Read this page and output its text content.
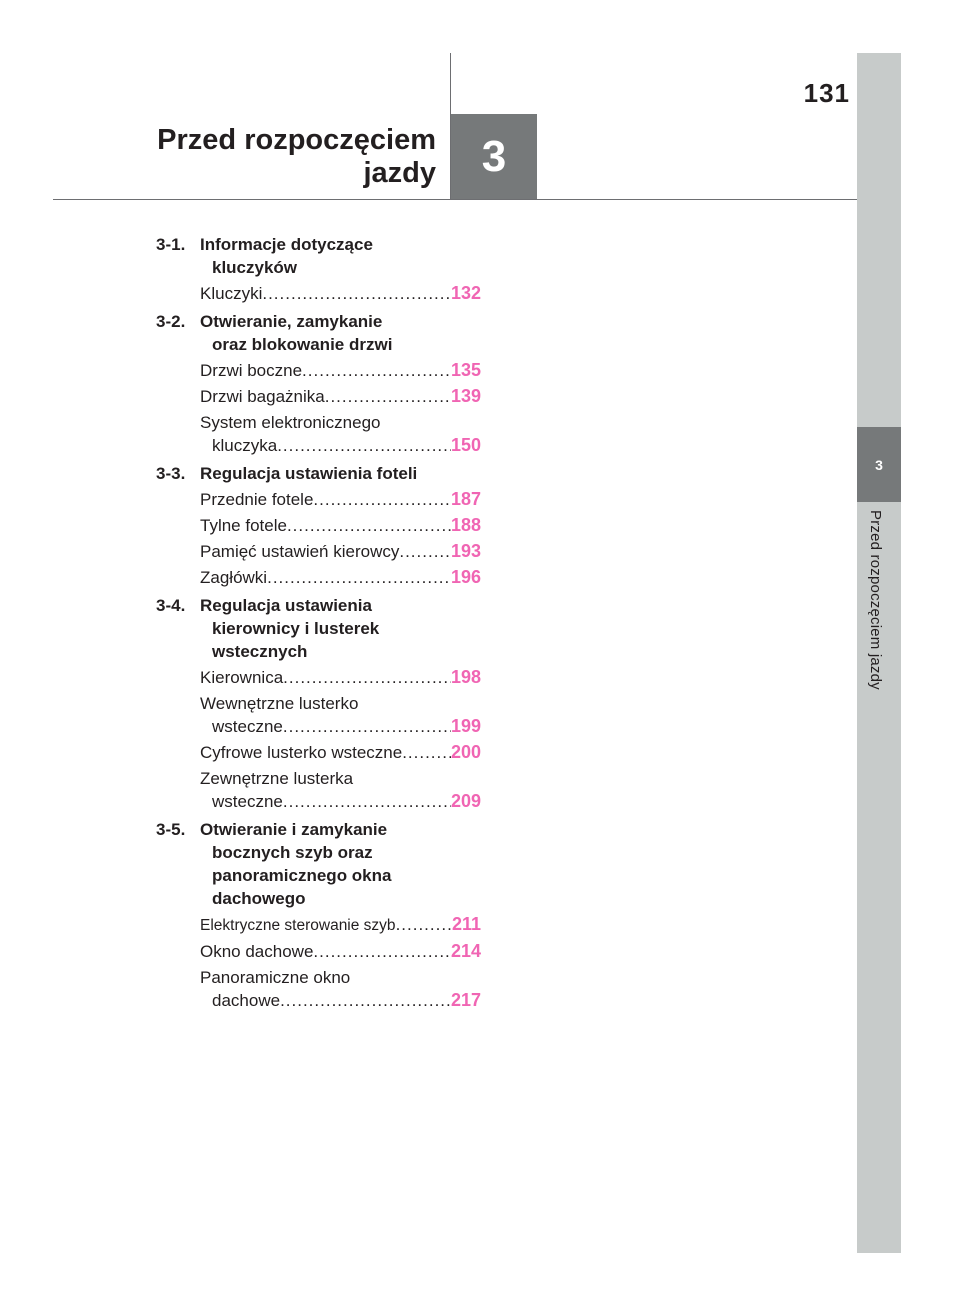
131
Przed rozpoczęciem
jazdy	3
3
Przed rozpoczęciem jazdy
3-1. Informacje dotyczące
kluczyków
Kluczyki .....	132
3-2. Otwieranie, zamykanie
oraz blokowanie drzwi
Drzwi boczne .....	135
Drzwi bagażnika .....	139
System elektronicznego
kluczyka .....	150
3-3. Regulacja ustawienia foteli
Przednie fotele .....	187
Tylne fotele .....	188
Pamięć ustawień kierowcy .....	193
Zagłówki .....	196
3-4. Regulacja ustawienia
kierownicy i lusterek
wstecznych
Kierownica .....	198
Wewnętrzne lusterko
wsteczne .....	199
Cyfrowe lusterko wsteczne .....	200
Zewnętrzne lusterka
wsteczne .....	209
3-5. Otwieranie i zamykanie
bocznych szyb oraz
panoramicznego okna
dachowego
Elektryczne sterowanie szyb .....	211
Okno dachowe .....	214
Panoramiczne okno
dachowe .....	217
